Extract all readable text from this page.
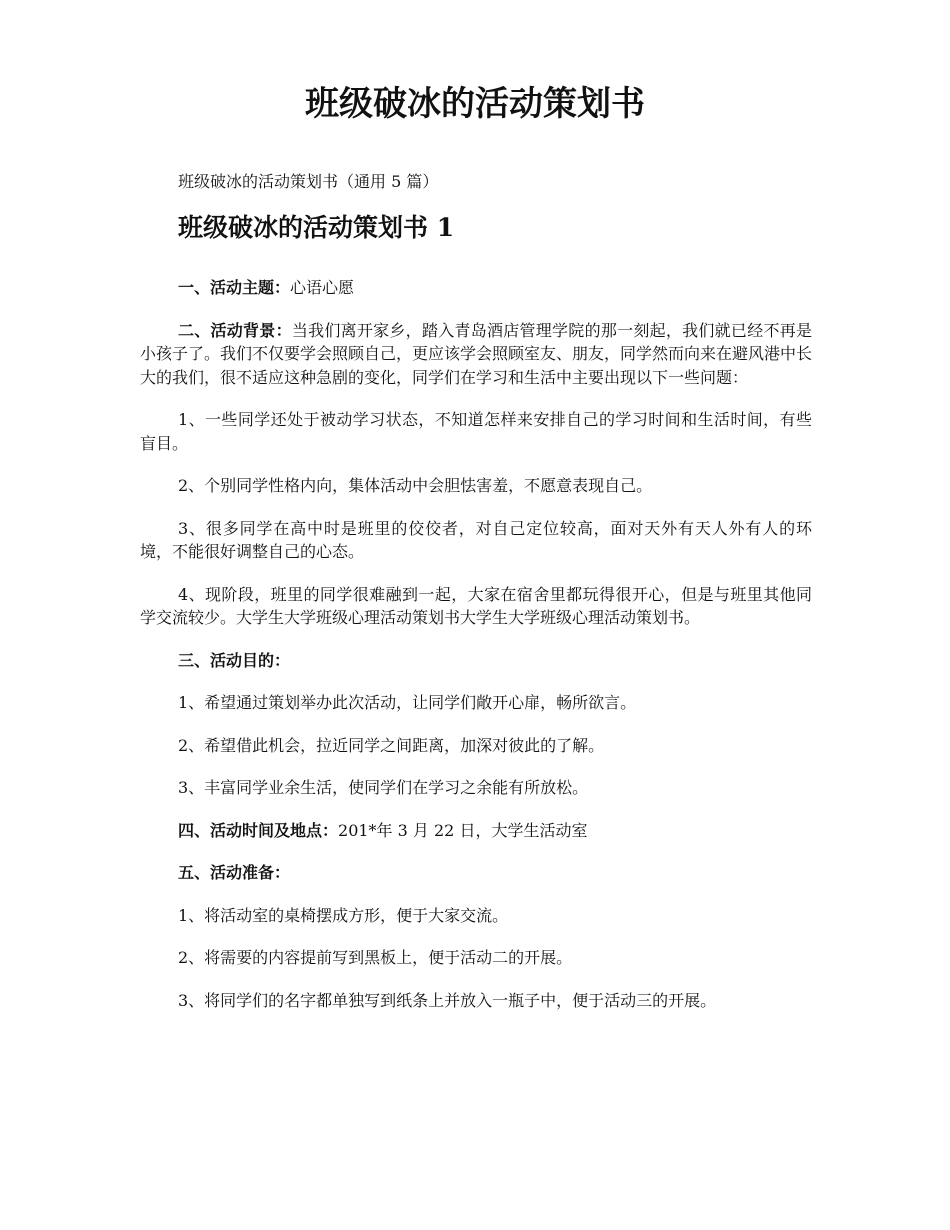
班级破冰的活动策划书
班级破冰的活动策划书（通用 5 篇）
班级破冰的活动策划书 1

一、活动主题：心语心愿

二、活动背景：当我们离开家乡，踏入青岛酒店管理学院的那一刻起，我们就已经不再是小孩子了。我们不仅要学会照顾自己，更应该学会照顾室友、朋友，同学然而向来在避风港中长大的我们，很不适应这种急剧的变化，同学们在学习和生活中主要出现以下一些问题：

1、一些同学还处于被动学习状态，不知道怎样来安排自己的学习时间和生活时间，有些盲目。

2、个别同学性格内向，集体活动中会胆怯害羞，不愿意表现自己。

3、很多同学在高中时是班里的佼佼者，对自己定位较高，面对天外有天人外有人的环境，不能很好调整自己的心态。

4、现阶段，班里的同学很难融到一起，大家在宿舍里都玩得很开心，但是与班里其他同学交流较少。大学生大学班级心理活动策划书大学生大学班级心理活动策划书。

三、活动目的：

1、希望通过策划举办此次活动，让同学们敞开心扉，畅所欲言。

2、希望借此机会，拉近同学之间距离，加深对彼此的了解。

3、丰富同学业余生活，使同学们在学习之余能有所放松。

四、活动时间及地点：201*年 3 月 22 日，大学生活动室

五、活动准备：

1、将活动室的桌椅摆成方形，便于大家交流。

2、将需要的内容提前写到黑板上，便于活动二的开展。

3、将同学们的名字都单独写到纸条上并放入一瓶子中，便于活动三的开展。
